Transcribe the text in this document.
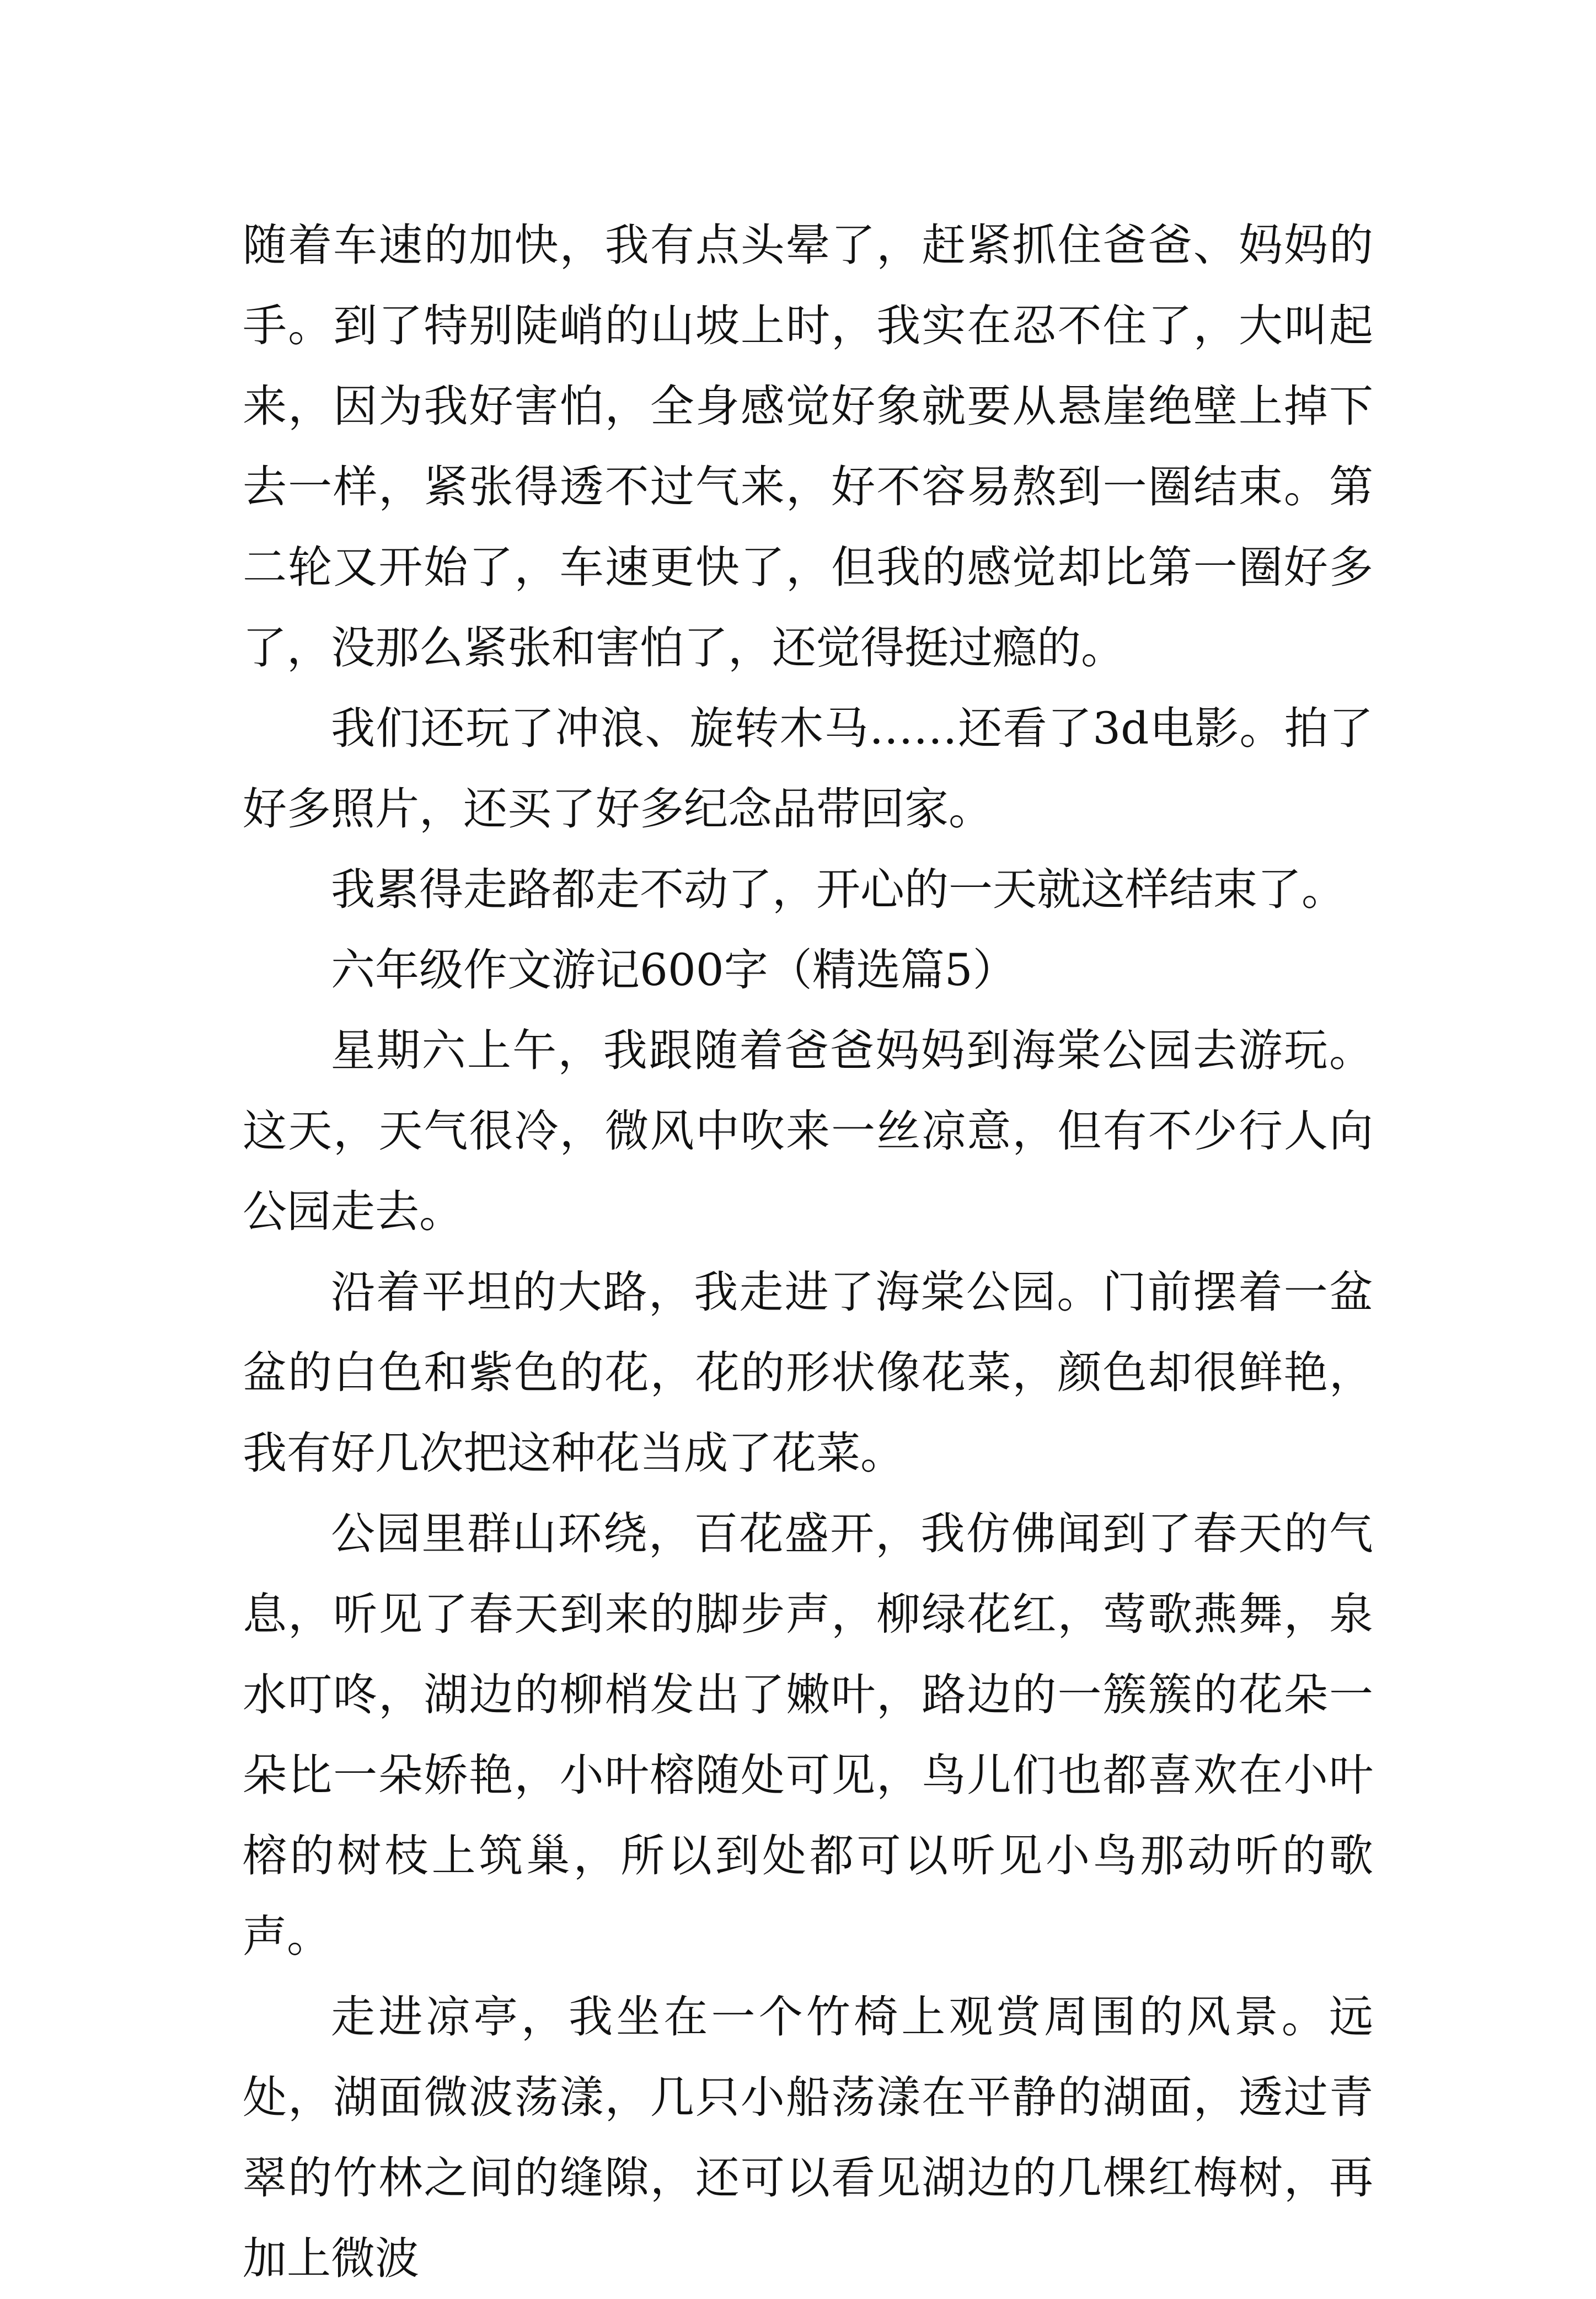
随着车速的加快，我有点头晕了，赶紧抓住爸爸、妈妈的手。到了特别陡峭的山坡上时，我实在忍不住了，大叫起来，因为我好害怕，全身感觉好象就要从悬崖绝壁上掉下去一样，紧张得透不过气来，好不容易熬到一圈结束。第二轮又开始了，车速更快了，但我的感觉却比第一圈好多了，没那么紧张和害怕了，还觉得挺过瘾的。

我们还玩了冲浪、旋转木马……还看了3d电影。拍了好多照片，还买了好多纪念品带回家。

我累得走路都走不动了，开心的一天就这样结束了。

六年级作文游记600字（精选篇5）

星期六上午，我跟随着爸爸妈妈到海棠公园去游玩。这天，天气很冷，微风中吹来一丝凉意，但有不少行人向公园走去。

沿着平坦的大路，我走进了海棠公园。门前摆着一盆盆的白色和紫色的花，花的形状像花菜，颜色却很鲜艳，我有好几次把这种花当成了花菜。

公园里群山环绕，百花盛开，我仿佛闻到了春天的气息，听见了春天到来的脚步声，柳绿花红，莺歌燕舞，泉水叮咚，湖边的柳梢发出了嫩叶，路边的一簇簇的花朵一朵比一朵娇艳，小叶榕随处可见，鸟儿们也都喜欢在小叶榕的树枝上筑巢，所以到处都可以听见小鸟那动听的歌声。

走进凉亭，我坐在一个竹椅上观赏周围的风景。远处，湖面微波荡漾，几只小船荡漾在平静的湖面，透过青翠的竹林之间的缝隙，还可以看见湖边的几棵红梅树，再加上微波
